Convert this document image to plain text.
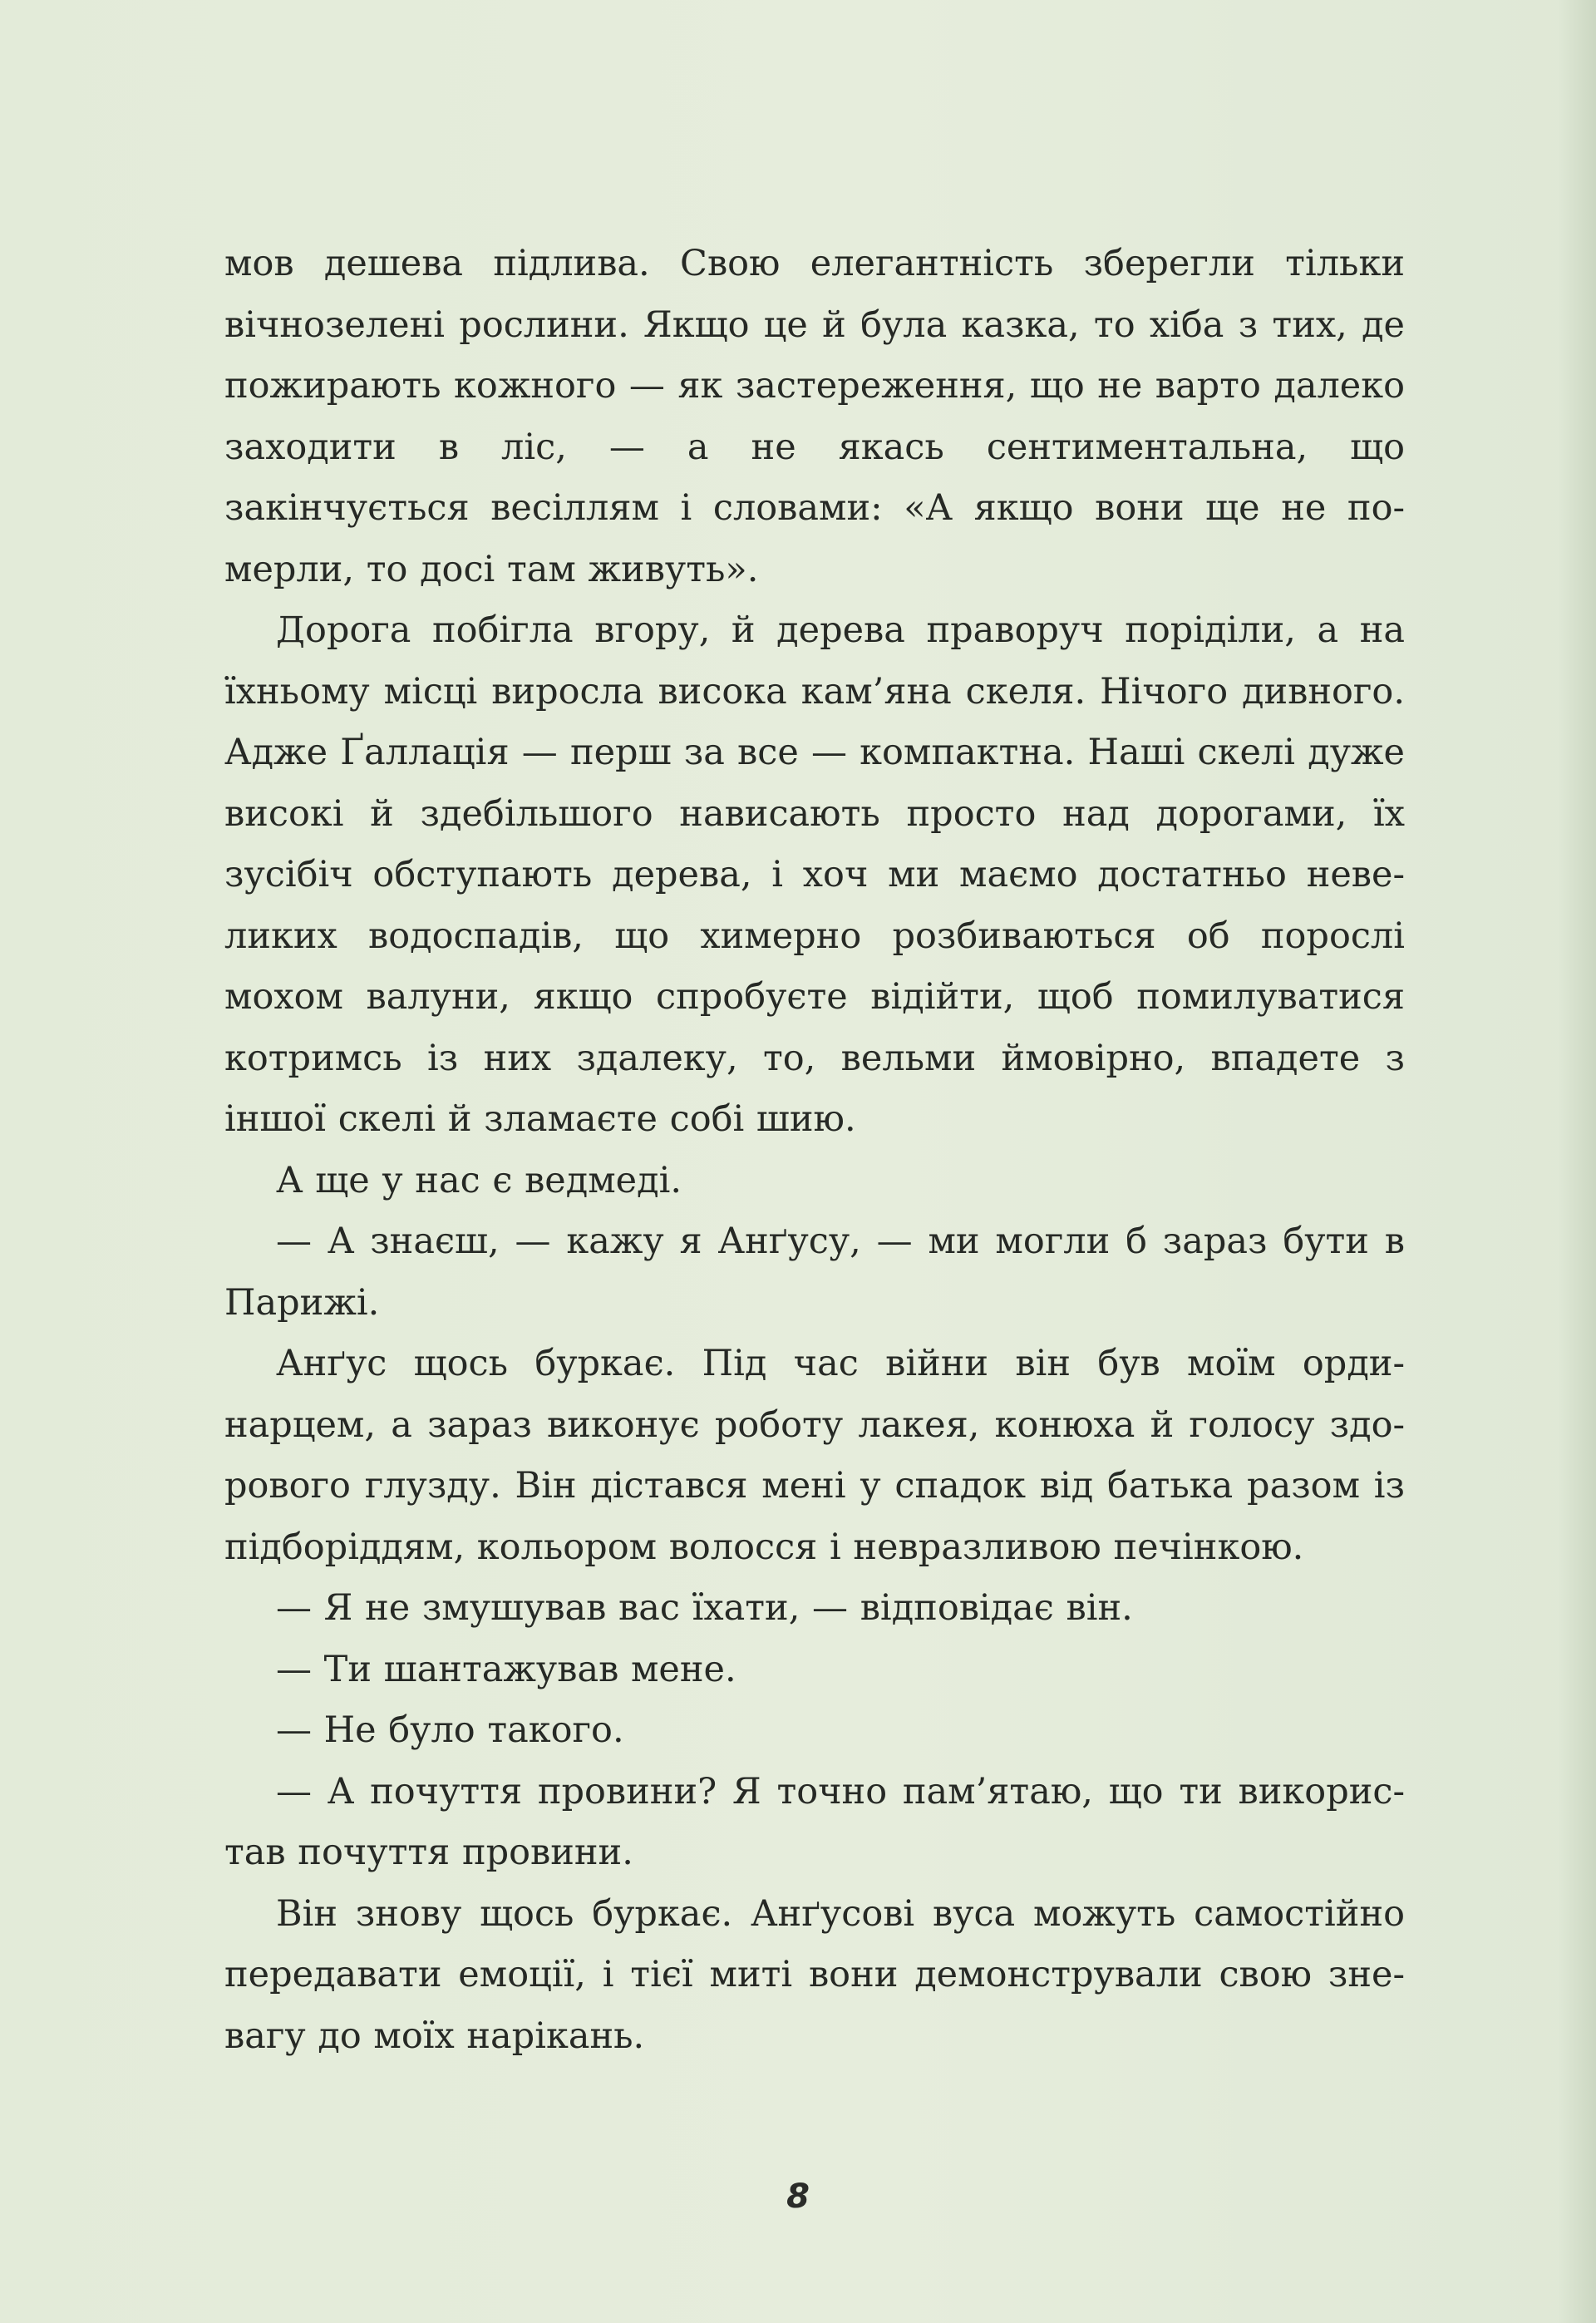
мов дешева підлива. Свою елегантність зберегли тільки вічнозелені рослини. Якщо це й була казка, то хіба з тих, де пожирають кожного — як застереження, що не варто далеко заходити в ліс, — а не якась сентиментальна, що закінчується весіллям і словами: «А якщо вони ще не померли, то досі там живуть».

Дорога побігла вгору, й дерева праворуч поріділи, а на їхньому місці виросла висока кам’яна скеля. Нічого дивного. Адже Ґаллація — перш за все — компактна. Наші скелі дуже високі й здебільшого нависають просто над дорогами, їх зусібіч обступають дерева, і хоч ми маємо достатньо невеликих водоспадів, що химерно розбиваються об порослі мохом валуни, якщо спробуєте відійти, щоб помилуватися котримсь із них здалеку, то, вельми ймовірно, впадете з іншої скелі й зламаєте собі шию.

А ще у нас є ведмеді.

— А знаєш, — кажу я Анґусу, — ми могли б зараз бути в Парижі.

Анґус щось буркає. Під час війни він був моїм ординарцем, а зараз виконує роботу лакея, конюха й голосу здорового глузду. Він дістався мені у спадок від батька разом із підборіддям, кольором волосся і невразливою печінкою.

— Я не змушував вас їхати, — відповідає він.

— Ти шантажував мене.

— Не було такого.

— А почуття провини? Я точно пам’ятаю, що ти використав почуття провини.

Він знову щось буркає. Анґусові вуса можуть самостійно передавати емоції, і тієї миті вони демонстрували свою зневагу до моїх нарікань.

8
